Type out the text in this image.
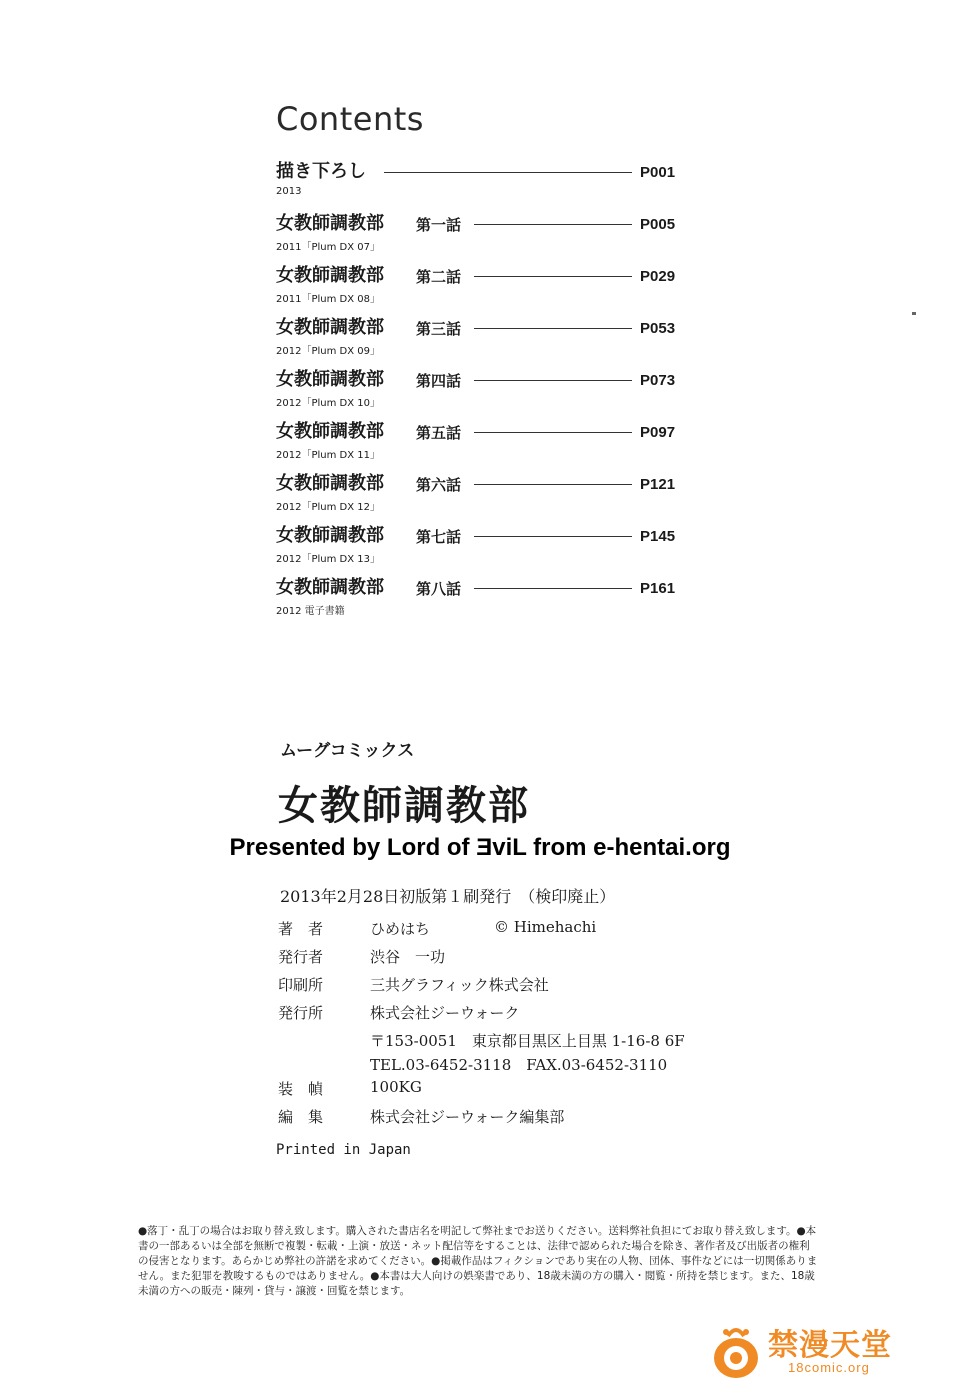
Contents
描き下ろし	P001
2013
女教師調教部 第一話	P005
2011「Plum DX 07」
女教師調教部 第二話	P029
2011「Plum DX 08」
女教師調教部 第三話	P053
2012「Plum DX 09」
女教師調教部 第四話	P073
2012「Plum DX 10」
女教師調教部 第五話	P097
2012「Plum DX 11」
女教師調教部 第六話	P121
2012「Plum DX 12」
女教師調教部 第七話	P145
2012「Plum DX 13」
女教師調教部 第八話	P161
2012 電子書籍
ムーグコミックス
女教師調教部
Presented by Lord of ƎviL from e-hentai.org
2013年2月28日初版第１刷発行　（検印廃止）
著　者	ひめはち	© Himehachi
発行者	渋谷　一功
印刷所	三共グラフィック株式会社
発行所	株式会社ジーウォーク
〒153-0051　東京都目黒区上目黒 1-16-8 6F
TEL.03-6452-3118　FAX.03-6452-3110
装　幀	100KG
編　集	株式会社ジーウォーク編集部
Printed in Japan
●落丁・乱丁の場合はお取り替え致します。購入された書店名を明記して弊社までお送りください。送料弊社負担にてお取り替え致します。●本書の一部あるいは全部を無断で複製・転載・上演・放送・ネット配信等をすることは、法律で認められた場合を除き、著作者及び出版者の権利の侵害となります。あらかじめ弊社の許諾を求めてください。●掲載作品はフィクションであり実在の人物、団体、事件などには一切関係ありません。また犯罪を教唆するものではありません。●本書は大人向けの娯楽書であり、18歳未満の方の購入・閲覧・所持を禁じます。また、18歳未満の方への販売・陳列・貸与・譲渡・回覧を禁じます。
禁漫天堂
18comic.org
